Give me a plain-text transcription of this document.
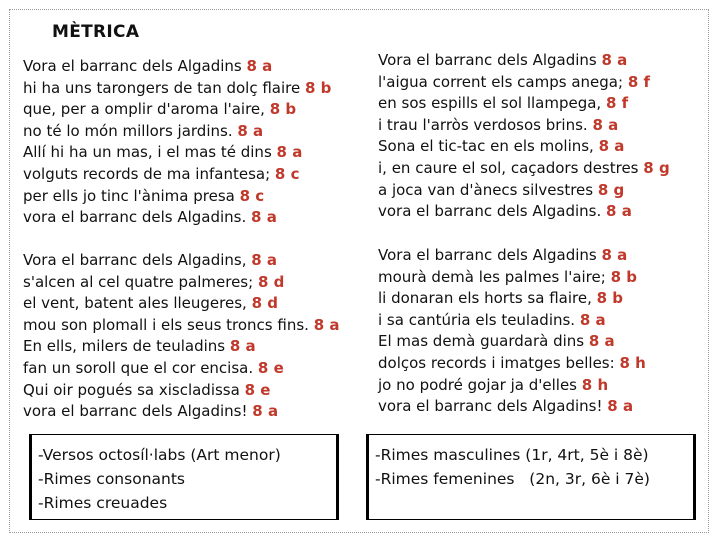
MÈTRICA
Vora el barranc dels Algadins 8 a
hi ha uns tarongers de tan dolç flaire 8 b
que, per a omplir d'aroma l'aire, 8 b
no té lo món millors jardins. 8 a
Allí hi ha un mas, i el mas té dins 8 a
volguts records de ma infantesa; 8 c
per ells jo tinc l'ànima presa 8 c
vora el barranc dels Algadins. 8 a
Vora el barranc dels Algadins 8 a
l'aigua corrent els camps anega; 8 f
en sos espills el sol llampega, 8 f
i trau l'arròs verdosos brins. 8 a
Sona el tic-tac en els molins, 8 a
i, en caure el sol, caçadors destres 8 g
a joca van d'ànecs silvestres 8 g
vora el barranc dels Algadins. 8 a
Vora el barranc dels Algadins, 8 a
s'alcen al cel quatre palmeres; 8 d
el vent, batent ales lleugeres, 8 d
mou son plomall i els seus troncs fins. 8 a
En ells, milers de teuladins 8 a
fan un soroll que el cor encisa. 8 e
Qui oir pogués sa xiscladissa 8 e
vora el barranc dels Algadins! 8 a
Vora el barranc dels Algadins 8 a
mourà demà les palmes l'aire; 8 b
li donaran els horts sa flaire, 8 b
i sa cantúria els teuladins. 8 a
El mas demà guardarà dins 8 a
dolços records i imatges belles: 8 h
jo no podré gojar ja d'elles 8 h
vora el barranc dels Algadins! 8 a
-Versos octosíl·labs (Art menor)
-Rimes consonants
-Rimes creuades
-Rimes masculines (1r, 4rt, 5è i 8è)
-Rimes femenines   (2n, 3r, 6è i 7è)
